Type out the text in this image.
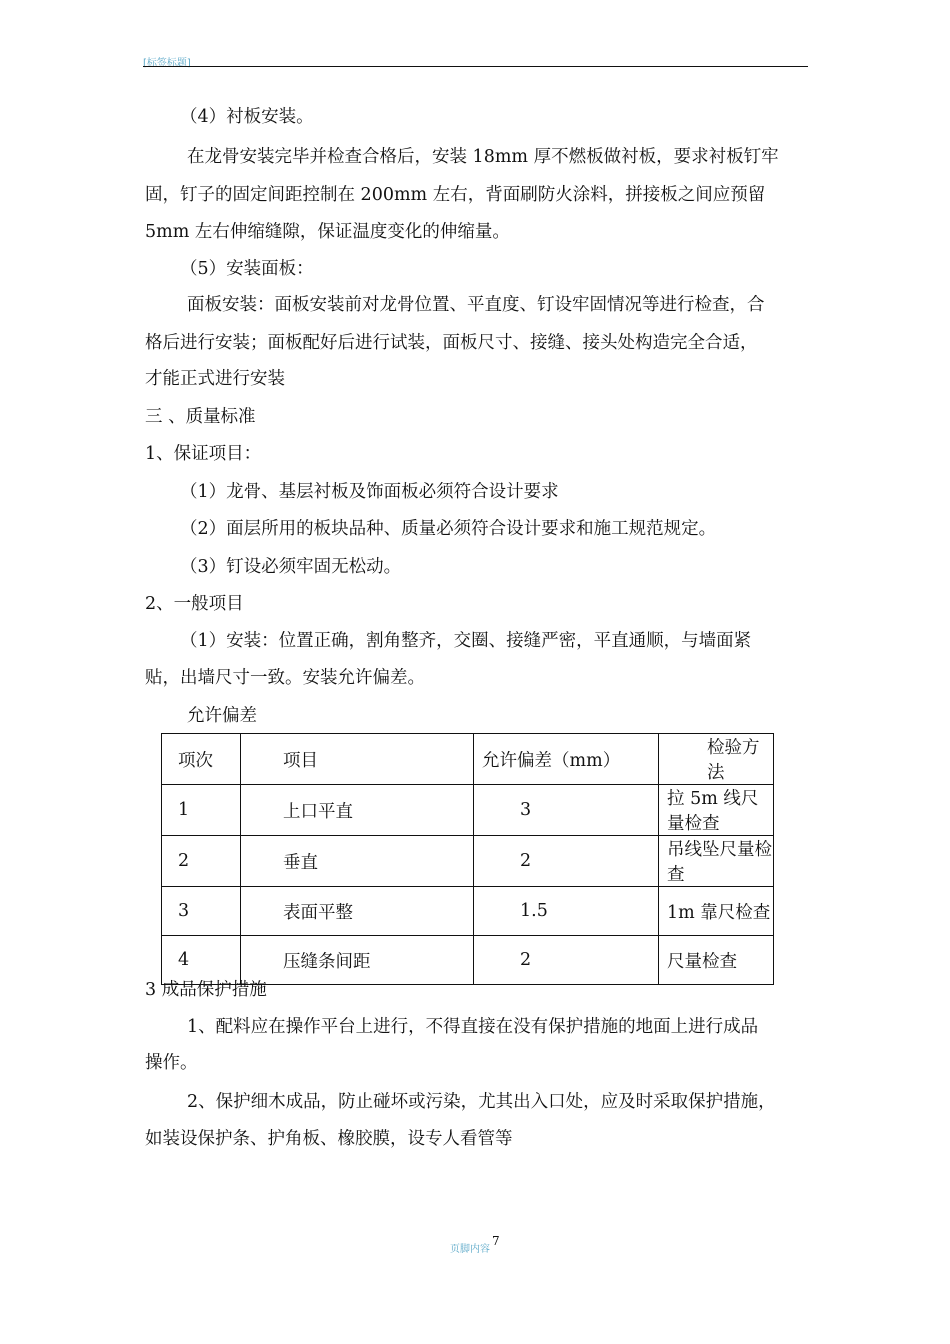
[标签标题]
（4）衬板安装。
在龙骨安装完毕并检查合格后，安装 18mm 厚不燃板做衬板，要求衬板钉牢
固，钉子的固定间距控制在 200mm 左右，背面刷防火涂料，拼接板之间应预留
5mm 左右伸缩缝隙，保证温度变化的伸缩量。
（5）安装面板：
面板安装：面板安装前对龙骨位置、平直度、钉设牢固情况等进行检查，合
格后进行安装；面板配好后进行试装，面板尺寸、接缝、接头处构造完全合适，
才能正式进行安装
三 、质量标准
1、保证项目：
（1）龙骨、基层衬板及饰面板必须符合设计要求
（2）面层所用的板块品种、质量必须符合设计要求和施工规范规定。
（3）钉设必须牢固无松动。
2、一般项目
（1）安装：位置正确，割角整齐，交圈、接缝严密，平直通顺，与墙面紧
贴，出墙尺寸一致。安装允许偏差。
允许偏差
项次	项目	允许偏差（mm）	检验方法
1	上口平直	3	拉 5m 线尺量检查
2	垂直	2	吊线坠尺量检查
3	表面平整	1.5	1m 靠尺检查
4	压缝条间距	2	尺量检查
3 成品保护措施
1、配料应在操作平台上进行，不得直接在没有保护措施的地面上进行成品
操作。
2、保护细木成品，防止碰坏或污染，尤其出入口处，应及时采取保护措施，
如装设保护条、护角板、橡胶膜，设专人看管等
页脚内容
7
